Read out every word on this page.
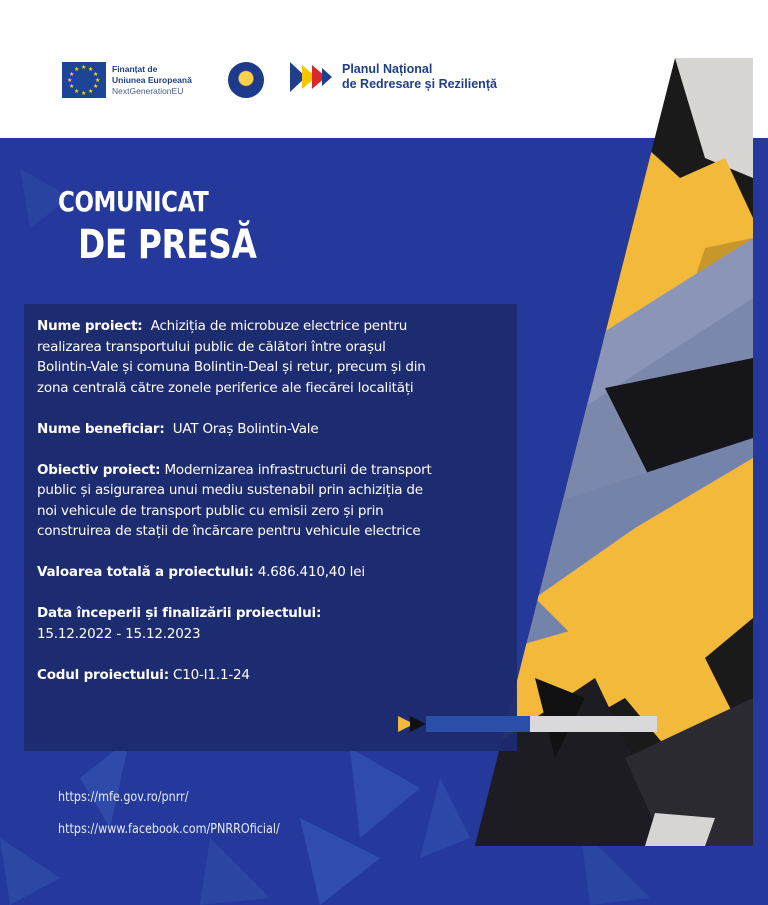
★ ★
★
★
★
★
★
★
★
★
★
★	Finanțat de
Uniunea Europeană
NextGenerationEU
Planul Național
de Redresare și Reziliență
COMUNICAT
DE PRESĂ

Nume proiect: Achiziția de microbuze electrice pentru realizarea transportului public de călători între orașul Bolintin-Vale și comuna Bolintin-Deal și retur, precum și din zona centrală către zonele periferice ale fiecărei localități

Nume beneficiar: UAT Oraș Bolintin-Vale

Obiectiv proiect: Modernizarea infrastructurii de transport public și asigurarea unui mediu sustenabil prin achiziția de noi vehicule de transport public cu emisii zero și prin construirea de stații de încărcare pentru vehicule electrice

Valoarea totală a proiectului: 4.686.410,40 lei

Data începerii și finalizării proiectului:
15.12.2022 - 15.12.2023

Codul proiectului: C10-I1.1-24

https://mfe.gov.ro/pnrr/
https://www.facebook.com/PNRROficial/
